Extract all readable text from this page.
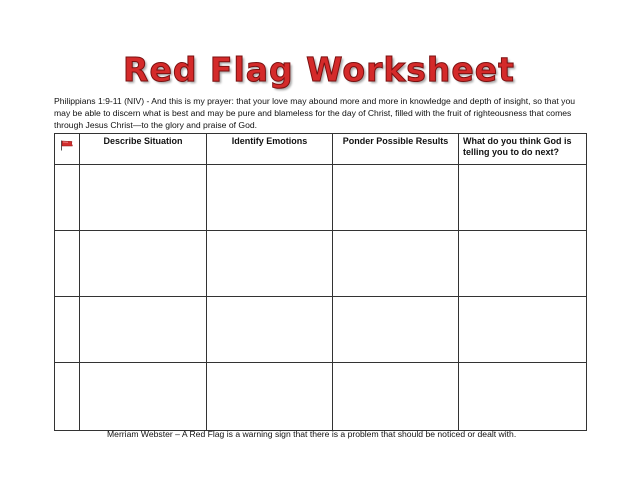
Red Flag Worksheet
Philippians 1:9-11 (NIV) - And this is my prayer: that your love may abound more and more in knowledge and depth of insight, so that you may be able to discern what is best and may be pure and blameless for the day of Christ, filled with the fruit of righteousness that comes through Jesus Christ—to the glory and praise of God.
	Describe Situation	Identify Emotions	Ponder Possible Results	What do you think God is telling you to do next?

Merriam Webster – A Red Flag is a warning sign that there is a problem that should be noticed or dealt with.
